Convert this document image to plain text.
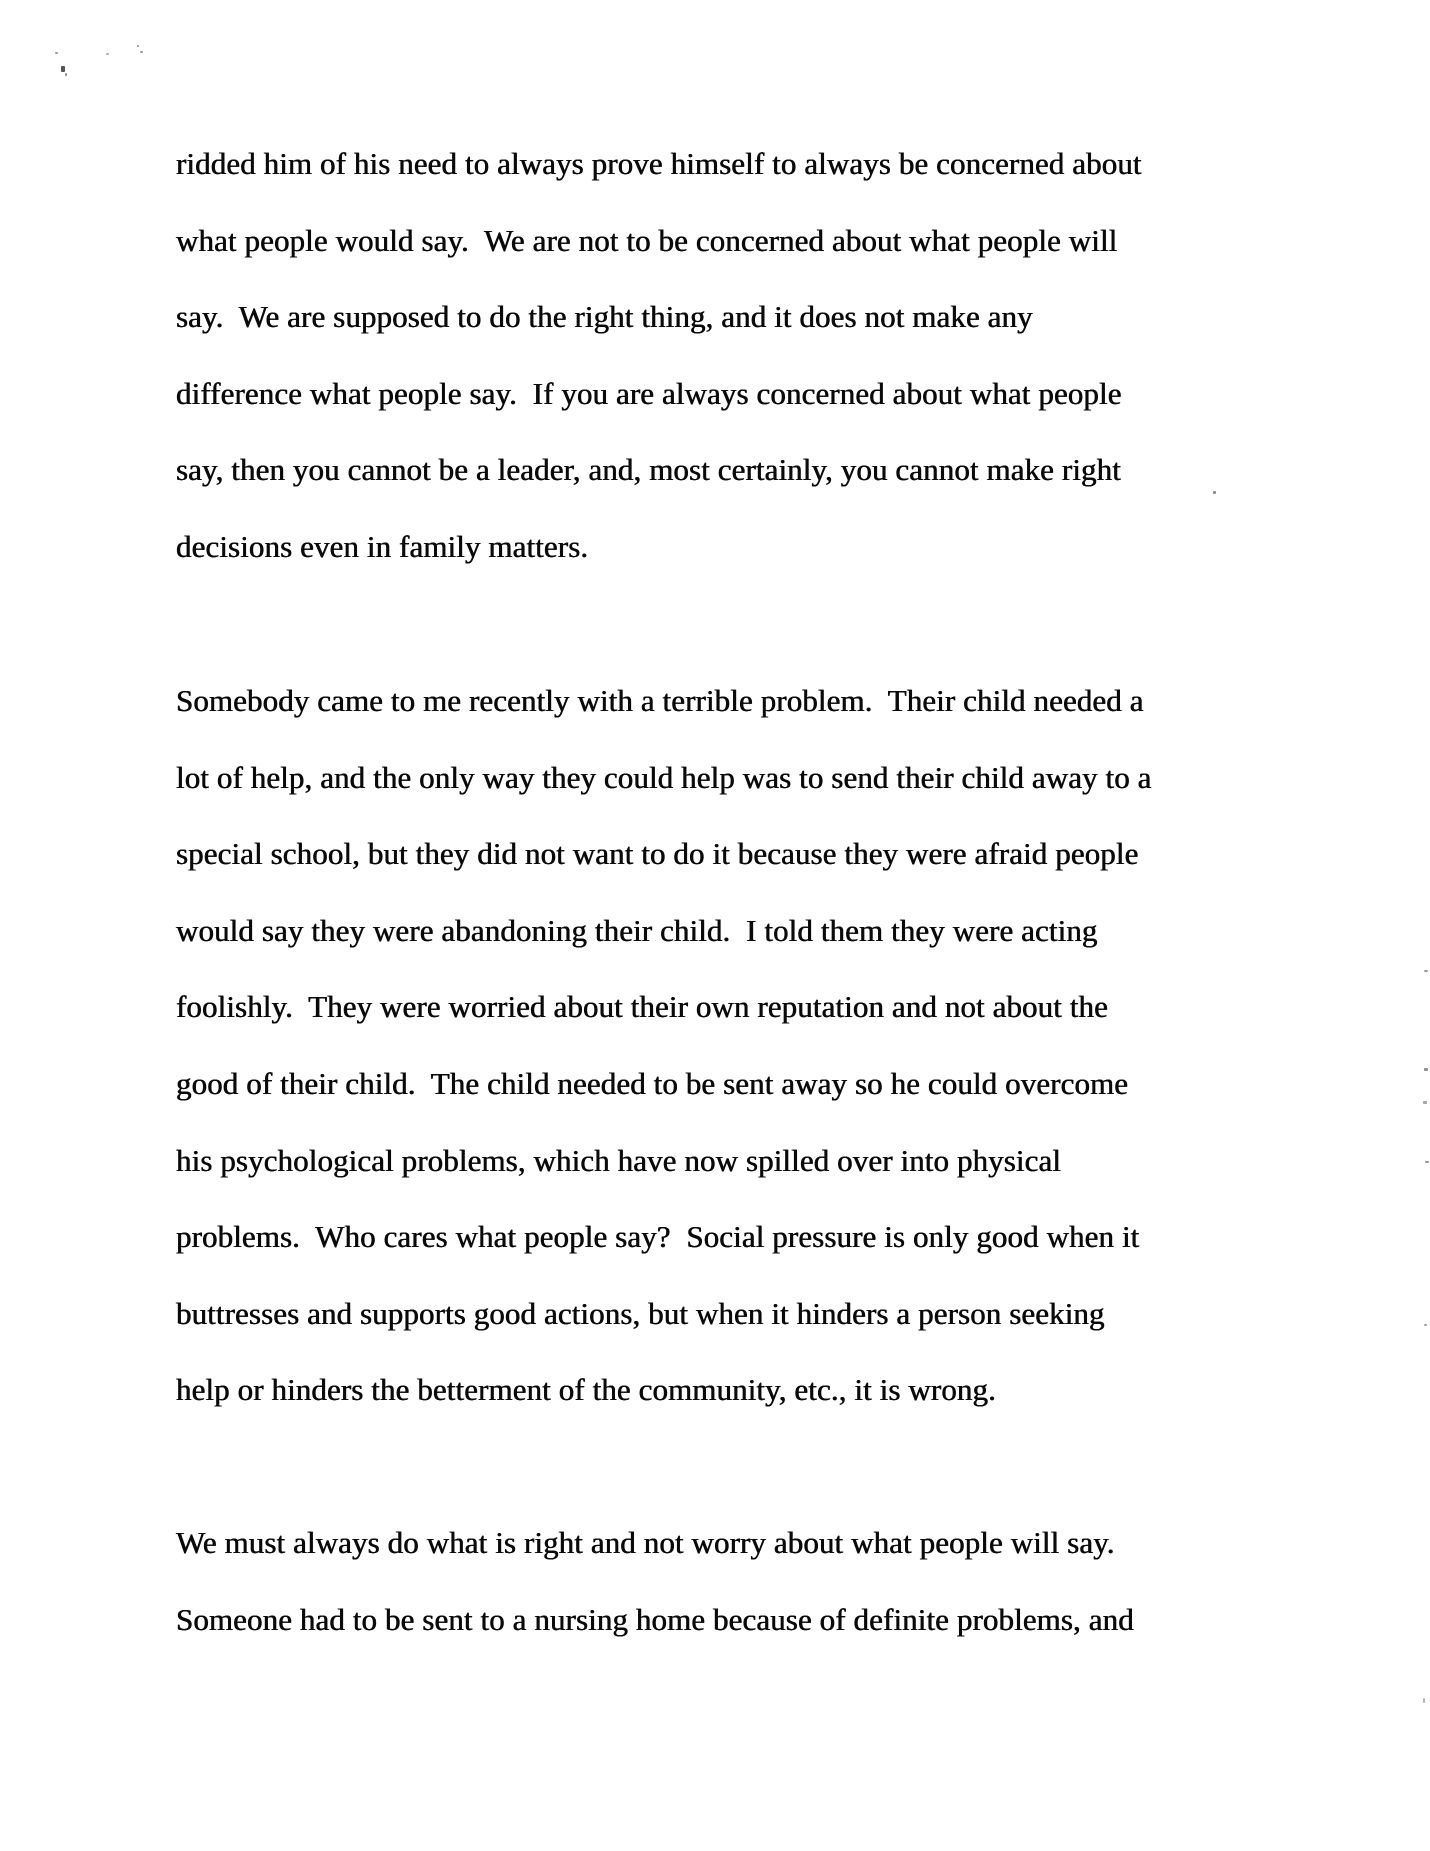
ridded him of his need to always prove himself to always be concerned about
what people would say.  We are not to be concerned about what people will
say.  We are supposed to do the right thing, and it does not make any
difference what people say.  If you are always concerned about what people
say, then you cannot be a leader, and, most certainly, you cannot make right
decisions even in family matters.
Somebody came to me recently with a terrible problem.  Their child needed a
lot of help, and the only way they could help was to send their child away to a
special school, but they did not want to do it because they were afraid people
would say they were abandoning their child.  I told them they were acting
foolishly.  They were worried about their own reputation and not about the
good of their child.  The child needed to be sent away so he could overcome
his psychological problems, which have now spilled over into physical
problems.  Who cares what people say?  Social pressure is only good when it
buttresses and supports good actions, but when it hinders a person seeking
help or hinders the betterment of the community, etc., it is wrong.
We must always do what is right and not worry about what people will say.
Someone had to be sent to a nursing home because of definite problems, and
